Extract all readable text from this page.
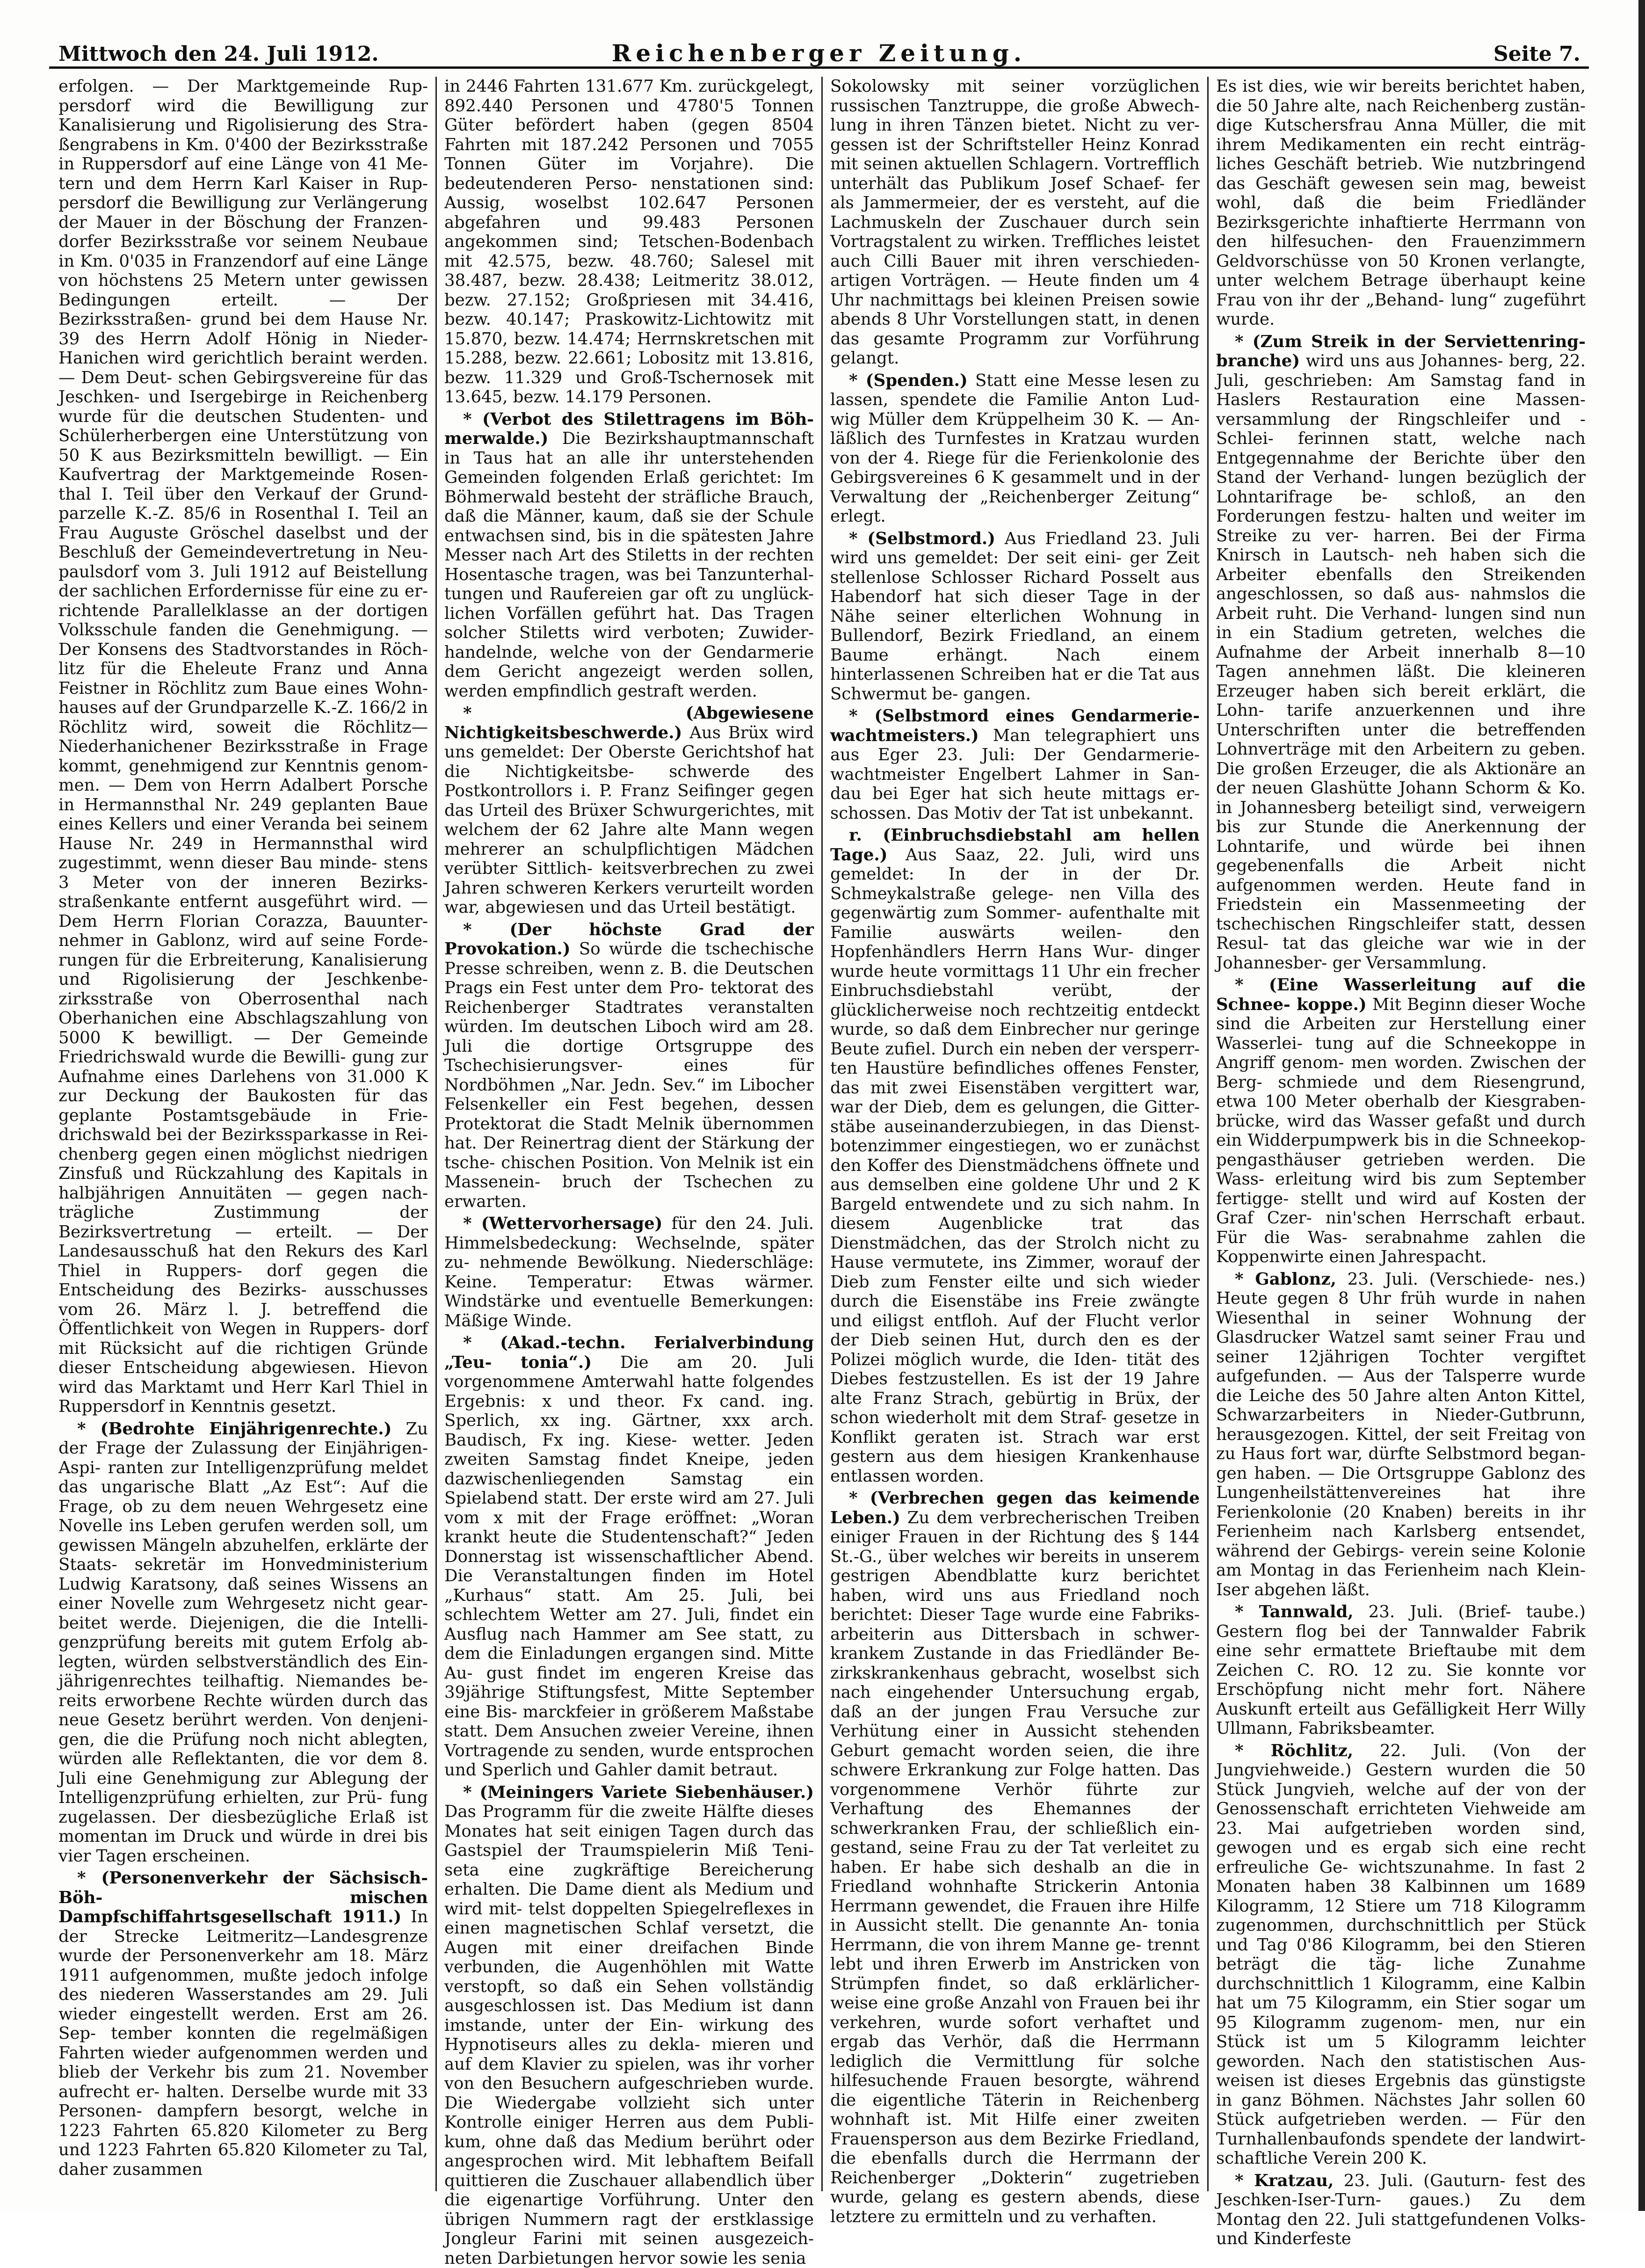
Mittwoch den 24. Juli 1912.	Reichenberger Zeitung.	Seite 7.

erfolgen. — Der Marktgemeinde Rup- persdorf wird die Bewilligung zur Kanalisierung und Rigolisierung des Stra- ßengrabens in Km. 0'400 der Bezirksstraße in Ruppersdorf auf eine Länge von 41 Me- tern und dem Herrn Karl Kaiser in Rup- persdorf die Bewilligung zur Verlängerung der Mauer in der Böschung der Franzen- dorfer Bezirksstraße vor seinem Neubaue in Km. 0'035 in Franzendorf auf eine Länge von höchstens 25 Metern unter gewissen Bedingungen erteilt. — Der Bezirksstraßen- grund bei dem Hause Nr. 39 des Herrn Adolf Hönig in Nieder-Hanichen wird gerichtlich beraint werden. — Dem Deut- schen Gebirgsvereine für das Jeschken- und Isergebirge in Reichenberg wurde für die deutschen Studenten- und Schülerherbergen eine Unterstützung von 50 K aus Bezirksmitteln bewilligt. — Ein Kaufvertrag der Marktgemeinde Rosen- thal I. Teil über den Verkauf der Grund- parzelle K.-Z. 85/6 in Rosenthal I. Teil an Frau Auguste Gröschel daselbst und der Beschluß der Gemeindevertretung in Neu- paulsdorf vom 3. Juli 1912 auf Beistellung der sachlichen Erfordernisse für eine zu er- richtende Parallelklasse an der dortigen Volksschule fanden die Genehmigung. — Der Konsens des Stadtvorstandes in Röch- litz für die Eheleute Franz und Anna Feistner in Röchlitz zum Baue eines Wohn- hauses auf der Grundparzelle K.-Z. 166/2 in Röchlitz wird, soweit die Röchlitz— Niederhanichener Bezirksstraße in Frage kommt, genehmigend zur Kenntnis genom- men. — Dem von Herrn Adalbert Porsche in Hermannsthal Nr. 249 geplanten Baue eines Kellers und einer Veranda bei seinem Hause Nr. 249 in Hermannsthal wird zugestimmt, wenn dieser Bau minde- stens 3 Meter von der inneren Bezirks- straßenkante entfernt ausgeführt wird. — Dem Herrn Florian Corazza, Bauunter- nehmer in Gablonz, wird auf seine Forde- rungen für die Erbreiterung, Kanalisierung und Rigolisierung der Jeschkenbe- zirksstraße von Oberrosenthal nach Oberhanichen eine Abschlagszahlung von 5000 K bewilligt. — Der Gemeinde Friedrichswald wurde die Bewilli- gung zur Aufnahme eines Darlehens von 31.000 K zur Deckung der Baukosten für das geplante Postamtsgebäude in Frie- drichswald bei der Bezirkssparkasse in Rei- chenberg gegen einen möglichst niedrigen Zinsfuß und Rückzahlung des Kapitals in halbjährigen Annuitäten — gegen nach- trägliche Zustimmung der Bezirksvertretung — erteilt. — Der Landesausschuß hat den Rekurs des Karl Thiel in Ruppers- dorf gegen die Entscheidung des Bezirks- ausschusses vom 26. März l. J. betreffend die Öffentlichkeit von Wegen in Ruppers- dorf mit Rücksicht auf die richtigen Gründe dieser Entscheidung abgewiesen. Hievon wird das Marktamt und Herr Karl Thiel in Ruppersdorf in Kenntnis gesetzt.

* (Bedrohte Einjährigenrechte.) Zu der Frage der Zulassung der Einjährigen-Aspi- ranten zur Intelligenzprüfung meldet das ungarische Blatt „Az Est“: Auf die Frage, ob zu dem neuen Wehrgesetz eine Novelle ins Leben gerufen werden soll, um gewissen Mängeln abzuhelfen, erklärte der Staats- sekretär im Honvedministerium Ludwig Karatsony, daß seines Wissens an einer Novelle zum Wehrgesetz nicht gear- beitet werde. Diejenigen, die die Intelli- genzprüfung bereits mit gutem Erfolg ab- legten, würden selbstverständlich des Ein- jährigenrechtes teilhaftig. Niemandes be- reits erworbene Rechte würden durch das neue Gesetz berührt werden. Von denjeni- gen, die die Prüfung noch nicht ablegten, würden alle Reflektanten, die vor dem 8. Juli eine Genehmigung zur Ablegung der Intelligenzprüfung erhielten, zur Prü- fung zugelassen. Der diesbezügliche Erlaß ist momentan im Druck und würde in drei bis vier Tagen erscheinen.

* (Personenverkehr der Sächsisch-Böh- mischen Dampfschiffahrtsgesellschaft 1911.) In der Strecke Leitmeritz—Landesgrenze wurde der Personenverkehr am 18. März 1911 aufgenommen, mußte jedoch infolge des niederen Wasserstandes am 29. Juli wieder eingestellt werden. Erst am 26. Sep- tember konnten die regelmäßigen Fahrten wieder aufgenommen werden und blieb der Verkehr bis zum 21. November aufrecht er- halten. Derselbe wurde mit 33 Personen- dampfern besorgt, welche in 1223 Fahrten 65.820 Kilometer zu Berg und 1223 Fahrten 65.820 Kilometer zu Tal, daher zusammen

in 2446 Fahrten 131.677 Km. zurückgelegt, 892.440 Personen und 4780'5 Tonnen Güter befördert haben (gegen 8504 Fahrten mit 187.242 Personen und 7055 Tonnen Güter im Vorjahre). Die bedeutenderen Perso- nenstationen sind: Aussig, woselbst 102.647 Personen abgefahren und 99.483 Personen angekommen sind; Tetschen-Bodenbach mit 42.575, bezw. 48.760; Salesel mit 38.487, bezw. 28.438; Leitmeritz 38.012, bezw. 27.152; Großpriesen mit 34.416, bezw. 40.147; Praskowitz-Lichtowitz mit 15.870, bezw. 14.474; Herrnskretschen mit 15.288, bezw. 22.661; Lobositz mit 13.816, bezw. 11.329 und Groß-Tschernosek mit 13.645, bezw. 14.179 Personen.

* (Verbot des Stilettragens im Böh- merwalde.) Die Bezirkshauptmannschaft in Taus hat an alle ihr unterstehenden Gemeinden folgenden Erlaß gerichtet: Im Böhmerwald besteht der sträfliche Brauch, daß die Männer, kaum, daß sie der Schule entwachsen sind, bis in die spätesten Jahre Messer nach Art des Stiletts in der rechten Hosentasche tragen, was bei Tanzunterhal- tungen und Raufereien gar oft zu unglück- lichen Vorfällen geführt hat. Das Tragen solcher Stiletts wird verboten; Zuwider- handelnde, welche von der Gendarmerie dem Gericht angezeigt werden sollen, werden empfindlich gestraft werden.

* (Abgewiesene Nichtigkeitsbeschwerde.) Aus Brüx wird uns gemeldet: Der Oberste Gerichtshof hat die Nichtigkeitsbe- schwerde des Postkontrollors i. P. Franz Seifinger gegen das Urteil des Brüxer Schwurgerichtes, mit welchem der 62 Jahre alte Mann wegen mehrerer an schulpflichtigen Mädchen verübter Sittlich- keitsverbrechen zu zwei Jahren schweren Kerkers verurteilt worden war, abgewiesen und das Urteil bestätigt.

* (Der höchste Grad der Provokation.) So würde die tschechische Presse schreiben, wenn z. B. die Deutschen Prags ein Fest unter dem Pro- tektorat des Reichenberger Stadtrates veranstalten würden. Im deutschen Liboch wird am 28. Juli die dortige Ortsgruppe des Tschechisierungsver- eines für Nordböhmen „Nar. Jedn. Sev.“ im Libocher Felsenkeller ein Fest begehen, dessen Protektorat die Stadt Melnik übernommen hat. Der Reinertrag dient der Stärkung der tsche- chischen Position. Von Melnik ist ein Massenein- bruch der Tschechen zu erwarten.

* (Wettervorhersage) für den 24. Juli. Himmelsbedeckung: Wechselnde, später zu- nehmende Bewölkung. Niederschläge: Keine. Temperatur: Etwas wärmer. Windstärke und eventuelle Bemerkungen: Mäßige Winde.

* (Akad.-techn. Ferialverbindung „Teu- tonia“.) Die am 20. Juli vorgenommene Amterwahl hatte folgendes Ergebnis: x und theor. Fx cand. ing. Sperlich, xx ing. Gärtner, xxx arch. Baudisch, Fx ing. Kiese- wetter. Jeden zweiten Samstag findet Kneipe, jeden dazwischenliegenden Samstag ein Spielabend statt. Der erste wird am 27. Juli vom x mit der Frage eröffnet: „Woran krankt heute die Studentenschaft?“ Jeden Donnerstag ist wissenschaftlicher Abend. Die Veranstaltungen finden im Hotel „Kurhaus“ statt. Am 25. Juli, bei schlechtem Wetter am 27. Juli, findet ein Ausflug nach Hammer am See statt, zu dem die Einladungen ergangen sind. Mitte Au- gust findet im engeren Kreise das 39jährige Stiftungsfest, Mitte September eine Bis- marckfeier in größerem Maßstabe statt. Dem Ansuchen zweier Vereine, ihnen Vortragende zu senden, wurde entsprochen und Sperlich und Gahler damit betraut.

* (Meiningers Variete Siebenhäuser.) Das Programm für die zweite Hälfte dieses Monates hat seit einigen Tagen durch das Gastspiel der Traumspielerin Miß Teni- seta eine zugkräftige Bereicherung erhalten. Die Dame dient als Medium und wird mit- telst doppelten Spiegelreflexes in einen magnetischen Schlaf versetzt, die Augen mit einer dreifachen Binde verbunden, die Augenhöhlen mit Watte verstopft, so daß ein Sehen vollständig ausgeschlossen ist. Das Medium ist dann imstande, unter der Ein- wirkung des Hypnotiseurs alles zu dekla- mieren und auf dem Klavier zu spielen, was ihr vorher von den Besuchern aufgeschrieben wurde. Die Wiedergabe vollzieht sich unter Kontrolle einiger Herren aus dem Publi- kum, ohne daß das Medium berührt oder angesprochen wird. Mit lebhaftem Beifall quittieren die Zuschauer allabendlich über die eigenartige Vorführung. Unter den übrigen Nummern ragt der erstklassige Jongleur Farini mit seinen ausgezeich- neten Darbietungen hervor sowie les senia

Sokolowsky mit seiner vorzüglichen russischen Tanztruppe, die große Abwech- lung in ihren Tänzen bietet. Nicht zu ver- gessen ist der Schriftsteller Heinz Konrad mit seinen aktuellen Schlagern. Vortrefflich unterhält das Publikum Josef Schaef- fer als Jammermeier, der es versteht, auf die Lachmuskeln der Zuschauer durch sein Vortragstalent zu wirken. Treffliches leistet auch Cilli Bauer mit ihren verschieden- artigen Vorträgen. — Heute finden um 4 Uhr nachmittags bei kleinen Preisen sowie abends 8 Uhr Vorstellungen statt, in denen das gesamte Programm zur Vorführung gelangt.

* (Spenden.) Statt eine Messe lesen zu lassen, spendete die Familie Anton Lud- wig Müller dem Krüppelheim 30 K. — An- läßlich des Turnfestes in Kratzau wurden von der 4. Riege für die Ferienkolonie des Gebirgsvereines 6 K gesammelt und in der Verwaltung der „Reichenberger Zeitung“ erlegt.

* (Selbstmord.) Aus Friedland 23. Juli wird uns gemeldet: Der seit eini- ger Zeit stellenlose Schlosser Richard Posselt aus Habendorf hat sich dieser Tage in der Nähe seiner elterlichen Wohnung in Bullendorf, Bezirk Friedland, an einem Baume erhängt. Nach einem hinterlassenen Schreiben hat er die Tat aus Schwermut be- gangen.

* (Selbstmord eines Gendarmerie- wachtmeisters.) Man telegraphiert uns aus Eger 23. Juli: Der Gendarmerie- wachtmeister Engelbert Lahmer in San- dau bei Eger hat sich heute mittags er- schossen. Das Motiv der Tat ist unbekannt.

r. (Einbruchsdiebstahl am hellen Tage.) Aus Saaz, 22. Juli, wird uns gemeldet: In der in der Dr. Schmeykalstraße gelege- nen Villa des gegenwärtig zum Sommer- aufenthalte mit Familie auswärts weilen- den Hopfenhändlers Herrn Hans Wur- dinger wurde heute vormittags 11 Uhr ein frecher Einbruchsdiebstahl verübt, der glücklicherweise noch rechtzeitig entdeckt wurde, so daß dem Einbrecher nur geringe Beute zufiel. Durch ein neben der versperr- ten Haustüre befindliches offenes Fenster, das mit zwei Eisenstäben vergittert war, war der Dieb, dem es gelungen, die Gitter- stäbe auseinanderzubiegen, in das Dienst- botenzimmer eingestiegen, wo er zunächst den Koffer des Dienstmädchens öffnete und aus demselben eine goldene Uhr und 2 K Bargeld entwendete und zu sich nahm. In diesem Augenblicke trat das Dienstmädchen, das der Strolch nicht zu Hause vermutete, ins Zimmer, worauf der Dieb zum Fenster eilte und sich wieder durch die Eisenstäbe ins Freie zwängte und eiligst entfloh. Auf der Flucht verlor der Dieb seinen Hut, durch den es der Polizei möglich wurde, die Iden- tität des Diebes festzustellen. Es ist der 19 Jahre alte Franz Strach, gebürtig in Brüx, der schon wiederholt mit dem Straf- gesetze in Konflikt geraten ist. Strach war erst gestern aus dem hiesigen Krankenhause entlassen worden.

* (Verbrechen gegen das keimende Leben.) Zu dem verbrecherischen Treiben einiger Frauen in der Richtung des § 144 St.-G., über welches wir bereits in unserem gestrigen Abendblatte kurz berichtet haben, wird uns aus Friedland noch berichtet: Dieser Tage wurde eine Fabriks- arbeiterin aus Dittersbach in schwer- krankem Zustande in das Friedländer Be- zirkskrankenhaus gebracht, woselbst sich nach eingehender Untersuchung ergab, daß an der jungen Frau Versuche zur Verhütung einer in Aussicht stehenden Geburt gemacht worden seien, die ihre schwere Erkrankung zur Folge hatten. Das vorgenommene Verhör führte zur Verhaftung des Ehemannes der schwerkranken Frau, der schließlich ein- gestand, seine Frau zu der Tat verleitet zu haben. Er habe sich deshalb an die in Friedland wohnhafte Strickerin Antonia Herrmann gewendet, die Frauen ihre Hilfe in Aussicht stellt. Die genannte An- tonia Herrmann, die von ihrem Manne ge- trennt lebt und ihren Erwerb im Anstricken von Strümpfen findet, so daß erklärlicher- weise eine große Anzahl von Frauen bei ihr verkehren, wurde sofort verhaftet und ergab das Verhör, daß die Herrmann lediglich die Vermittlung für solche hilfesuchende Frauen besorgte, während die eigentliche Täterin in Reichenberg wohnhaft ist. Mit Hilfe einer zweiten Frauensperson aus dem Bezirke Friedland, die ebenfalls durch die Herrmann der Reichenberger „Dokterin“ zugetrieben wurde, gelang es gestern abends, diese letztere zu ermitteln und zu verhaften.

Es ist dies, wie wir bereits berichtet haben, die 50 Jahre alte, nach Reichenberg zustän- dige Kutschersfrau Anna Müller, die mit ihrem Medikamenten ein recht einträg- liches Geschäft betrieb. Wie nutzbringend das Geschäft gewesen sein mag, beweist wohl, daß die beim Friedländer Bezirksgerichte inhaftierte Herrmann von den hilfesuchen- den Frauenzimmern Geldvorschüsse von 50 Kronen verlangte, unter welchem Betrage überhaupt keine Frau von ihr der „Behand- lung“ zugeführt wurde.

* (Zum Streik in der Serviettenring- branche) wird uns aus Johannes- berg, 22. Juli, geschrieben: Am Samstag fand in Haslers Restauration eine Massen- versammlung der Ringschleifer und -Schlei- ferinnen statt, welche nach Entgegennahme der Berichte über den Stand der Verhand- lungen bezüglich der Lohntarifrage be- schloß, an den Forderungen festzu- halten und weiter im Streike zu ver- harren. Bei der Firma Knirsch in Lautsch- neh haben sich die Arbeiter ebenfalls den Streikenden angeschlossen, so daß aus- nahmslos die Arbeit ruht. Die Verhand- lungen sind nun in ein Stadium getreten, welches die Aufnahme der Arbeit innerhalb 8—10 Tagen annehmen läßt. Die kleineren Erzeuger haben sich bereit erklärt, die Lohn- tarife anzuerkennen und ihre Unterschriften unter die betreffenden Lohnverträge mit den Arbeitern zu geben. Die großen Erzeuger, die als Aktionäre an der neuen Glashütte Johann Schorm & Ko. in Johannesberg beteiligt sind, verweigern bis zur Stunde die Anerkennung der Lohntarife, und würde bei ihnen gegebenenfalls die Arbeit nicht aufgenommen werden. Heute fand in Friedstein ein Massenmeeting der tschechischen Ringschleifer statt, dessen Resul- tat das gleiche war wie in der Johannesber- ger Versammlung.

* (Eine Wasserleitung auf die Schnee- koppe.) Mit Beginn dieser Woche sind die Arbeiten zur Herstellung einer Wasserlei- tung auf die Schneekoppe in Angriff genom- men worden. Zwischen der Berg- schmiede und dem Riesengrund, etwa 100 Meter oberhalb der Kiesgraben- brücke, wird das Wasser gefaßt und durch ein Widderpumpwerk bis in die Schneekop- pengasthäuser getrieben werden. Die Wass- erleitung wird bis zum September fertigge- stellt und wird auf Kosten der Graf Czer- nin'schen Herrschaft erbaut. Für die Was- serabnahme zahlen die Koppenwirte einen Jahrespacht.

* Gablonz, 23. Juli. (Verschiede- nes.) Heute gegen 8 Uhr früh wurde in nahen Wiesenthal in seiner Wohnung der Glasdrucker Watzel samt seiner Frau und seiner 12jährigen Tochter vergiftet aufgefunden. — Aus der Talsperre wurde die Leiche des 50 Jahre alten Anton Kittel, Schwarzarbeiters in Nieder-Gutbrunn, herausgezogen. Kittel, der seit Freitag von zu Haus fort war, dürfte Selbstmord began- gen haben. — Die Ortsgruppe Gablonz des Lungenheilstättenvereines hat ihre Ferienkolonie (20 Knaben) bereits in ihr Ferienheim nach Karlsberg entsendet, während der Gebirgs- verein seine Kolonie am Montag in das Ferienheim nach Klein-Iser abgehen läßt.

* Tannwald, 23. Juli. (Brief- taube.) Gestern flog bei der Tannwalder Fabrik eine sehr ermattete Brieftaube mit dem Zeichen C. RO. 12 zu. Sie konnte vor Erschöpfung nicht mehr fort. Nähere Auskunft erteilt aus Gefälligkeit Herr Willy Ullmann, Fabriksbeamter.

* Röchlitz, 22. Juli. (Von der Jungviehweide.) Gestern wurden die 50 Stück Jungvieh, welche auf der von der Genossenschaft errichteten Viehweide am 23. Mai aufgetrieben worden sind, gewogen und es ergab sich eine recht erfreuliche Ge- wichtszunahme. In fast 2 Monaten haben 38 Kalbinnen um 1689 Kilogramm, 12 Stiere um 718 Kilogramm zugenommen, durchschnittlich per Stück und Tag 0'86 Kilogramm, bei den Stieren beträgt die täg- liche Zunahme durchschnittlich 1 Kilogramm, eine Kalbin hat um 75 Kilogramm, ein Stier sogar um 95 Kilogramm zugenom- men, nur ein Stück ist um 5 Kilogramm leichter geworden. Nach den statistischen Aus- weisen ist dieses Ergebnis das günstigste in ganz Böhmen. Nächstes Jahr sollen 60 Stück aufgetrieben werden. — Für den Turnhallenbaufonds spendete der landwirt- schaftliche Verein 200 K.

* Kratzau, 23. Juli. (Gauturn- fest des Jeschken-Iser-Turn- gaues.) Zu dem Montag den 22. Juli stattgefundenen Volks- und Kinderfeste
